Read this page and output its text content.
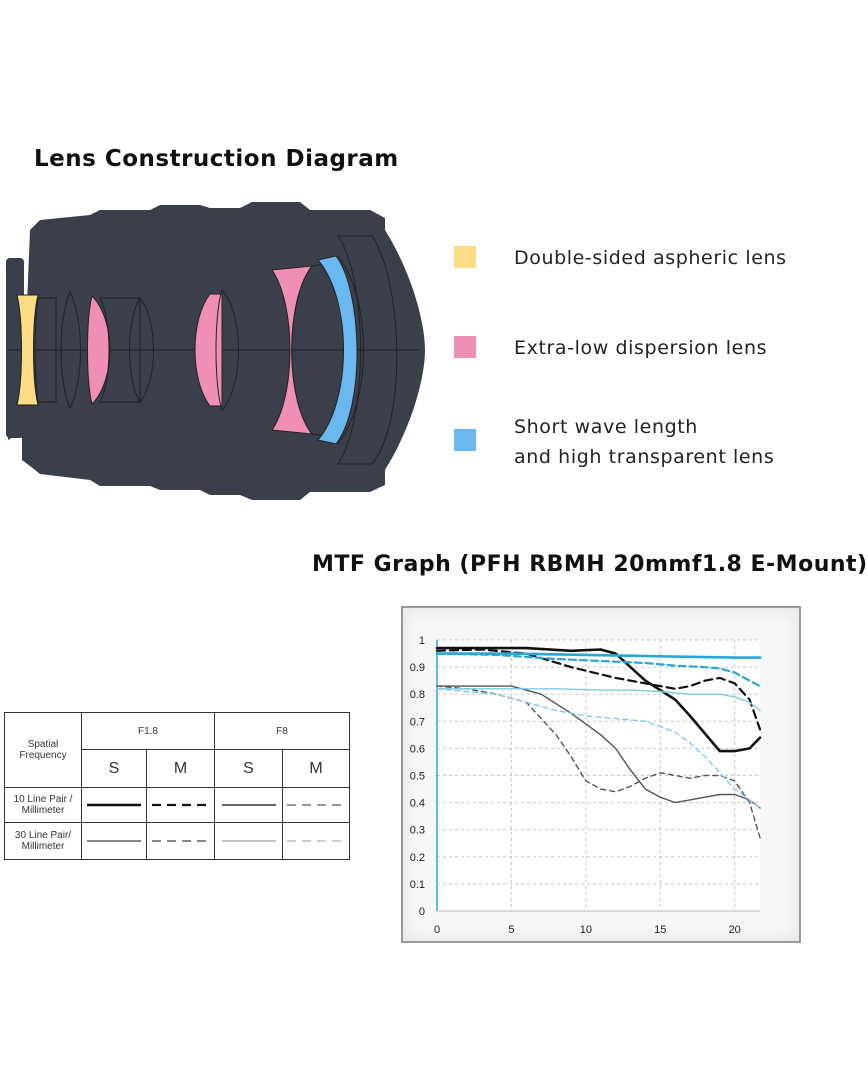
Lens Construction Diagram
Double-sided aspheric lens
Extra-low dispersion lens
Short wave length
and high transparent lens
MTF Graph (PFH RBMH 20mmf1.8 E-Mount)
Spatial Frequency	F1.8		F8	
	S	M	S	M
10 Line Pair / Millimeter	

30 Line Pair/ Millimeter	

0
0.1
0.2
0.3
0.4
0.5
0.6
0.7
0.8
0.9
1
0	5	10	15	20
